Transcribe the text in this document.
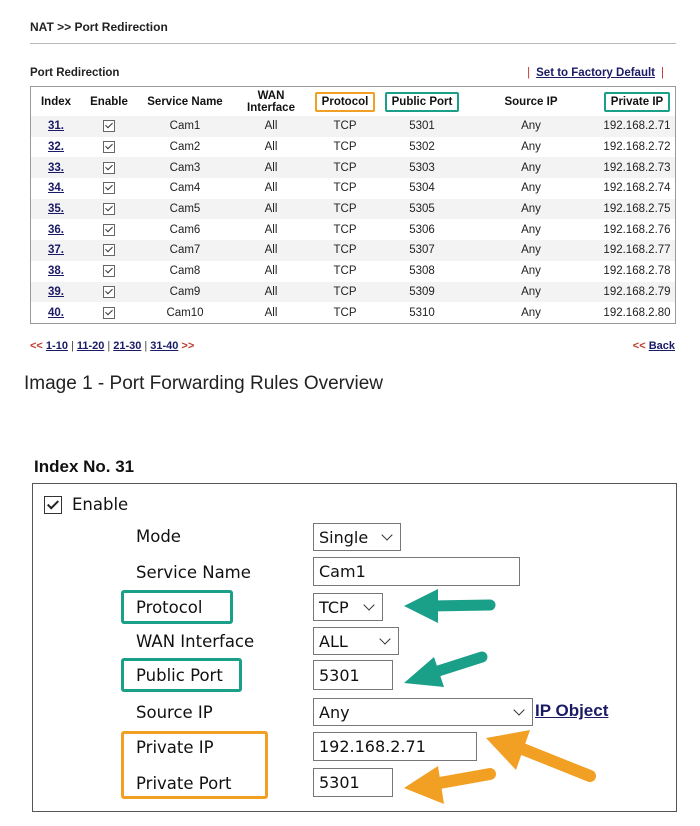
NAT >> Port Redirection
Port Redirection	| Set to Factory Default |
Index	Enable	Service Name	WAN Interface	Protocol	Public Port	Source IP	Private IP
31.		Cam1	All	TCP	5301	Any	192.168.2.71
32.		Cam2	All	TCP	5302	Any	192.168.2.72
33.		Cam3	All	TCP	5303	Any	192.168.2.73
34.		Cam4	All	TCP	5304	Any	192.168.2.74
35.		Cam5	All	TCP	5305	Any	192.168.2.75
36.		Cam6	All	TCP	5306	Any	192.168.2.76
37.		Cam7	All	TCP	5307	Any	192.168.2.77
38.		Cam8	All	TCP	5308	Any	192.168.2.78
39.		Cam9	All	TCP	5309	Any	192.168.2.79
40.		Cam10	All	TCP	5310	Any	192.168.2.80
<< 1-10 | 11-20 | 21-30 | 31-40 >>	<< Back
Image 1 - Port Forwarding Rules Overview
Index No. 31
Enable
Mode	Single
Service Name	Cam1
Protocol	TCP
WAN Interface	ALL
Public Port	5301
Source IP	Any	IP Object
Private IP	192.168.2.71
Private Port	5301
